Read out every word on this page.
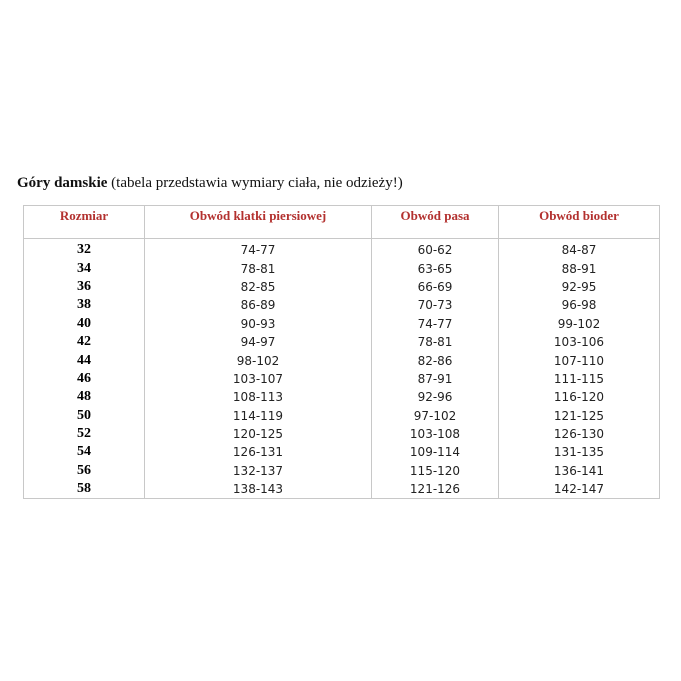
Góry damskie (tabela przedstawia wymiary ciała, nie odzieży!)
Rozmiar	Obwód klatki piersiowej	Obwód pasa	Obwód bioder
32	74-77	60-62	84-87
34	78-81	63-65	88-91
36	82-85	66-69	92-95
38	86-89	70-73	96-98
40	90-93	74-77	99-102
42	94-97	78-81	103-106
44	98-102	82-86	107-110
46	103-107	87-91	111-115
48	108-113	92-96	116-120
50	114-119	97-102	121-125
52	120-125	103-108	126-130
54	126-131	109-114	131-135
56	132-137	115-120	136-141
58	138-143	121-126	142-147
